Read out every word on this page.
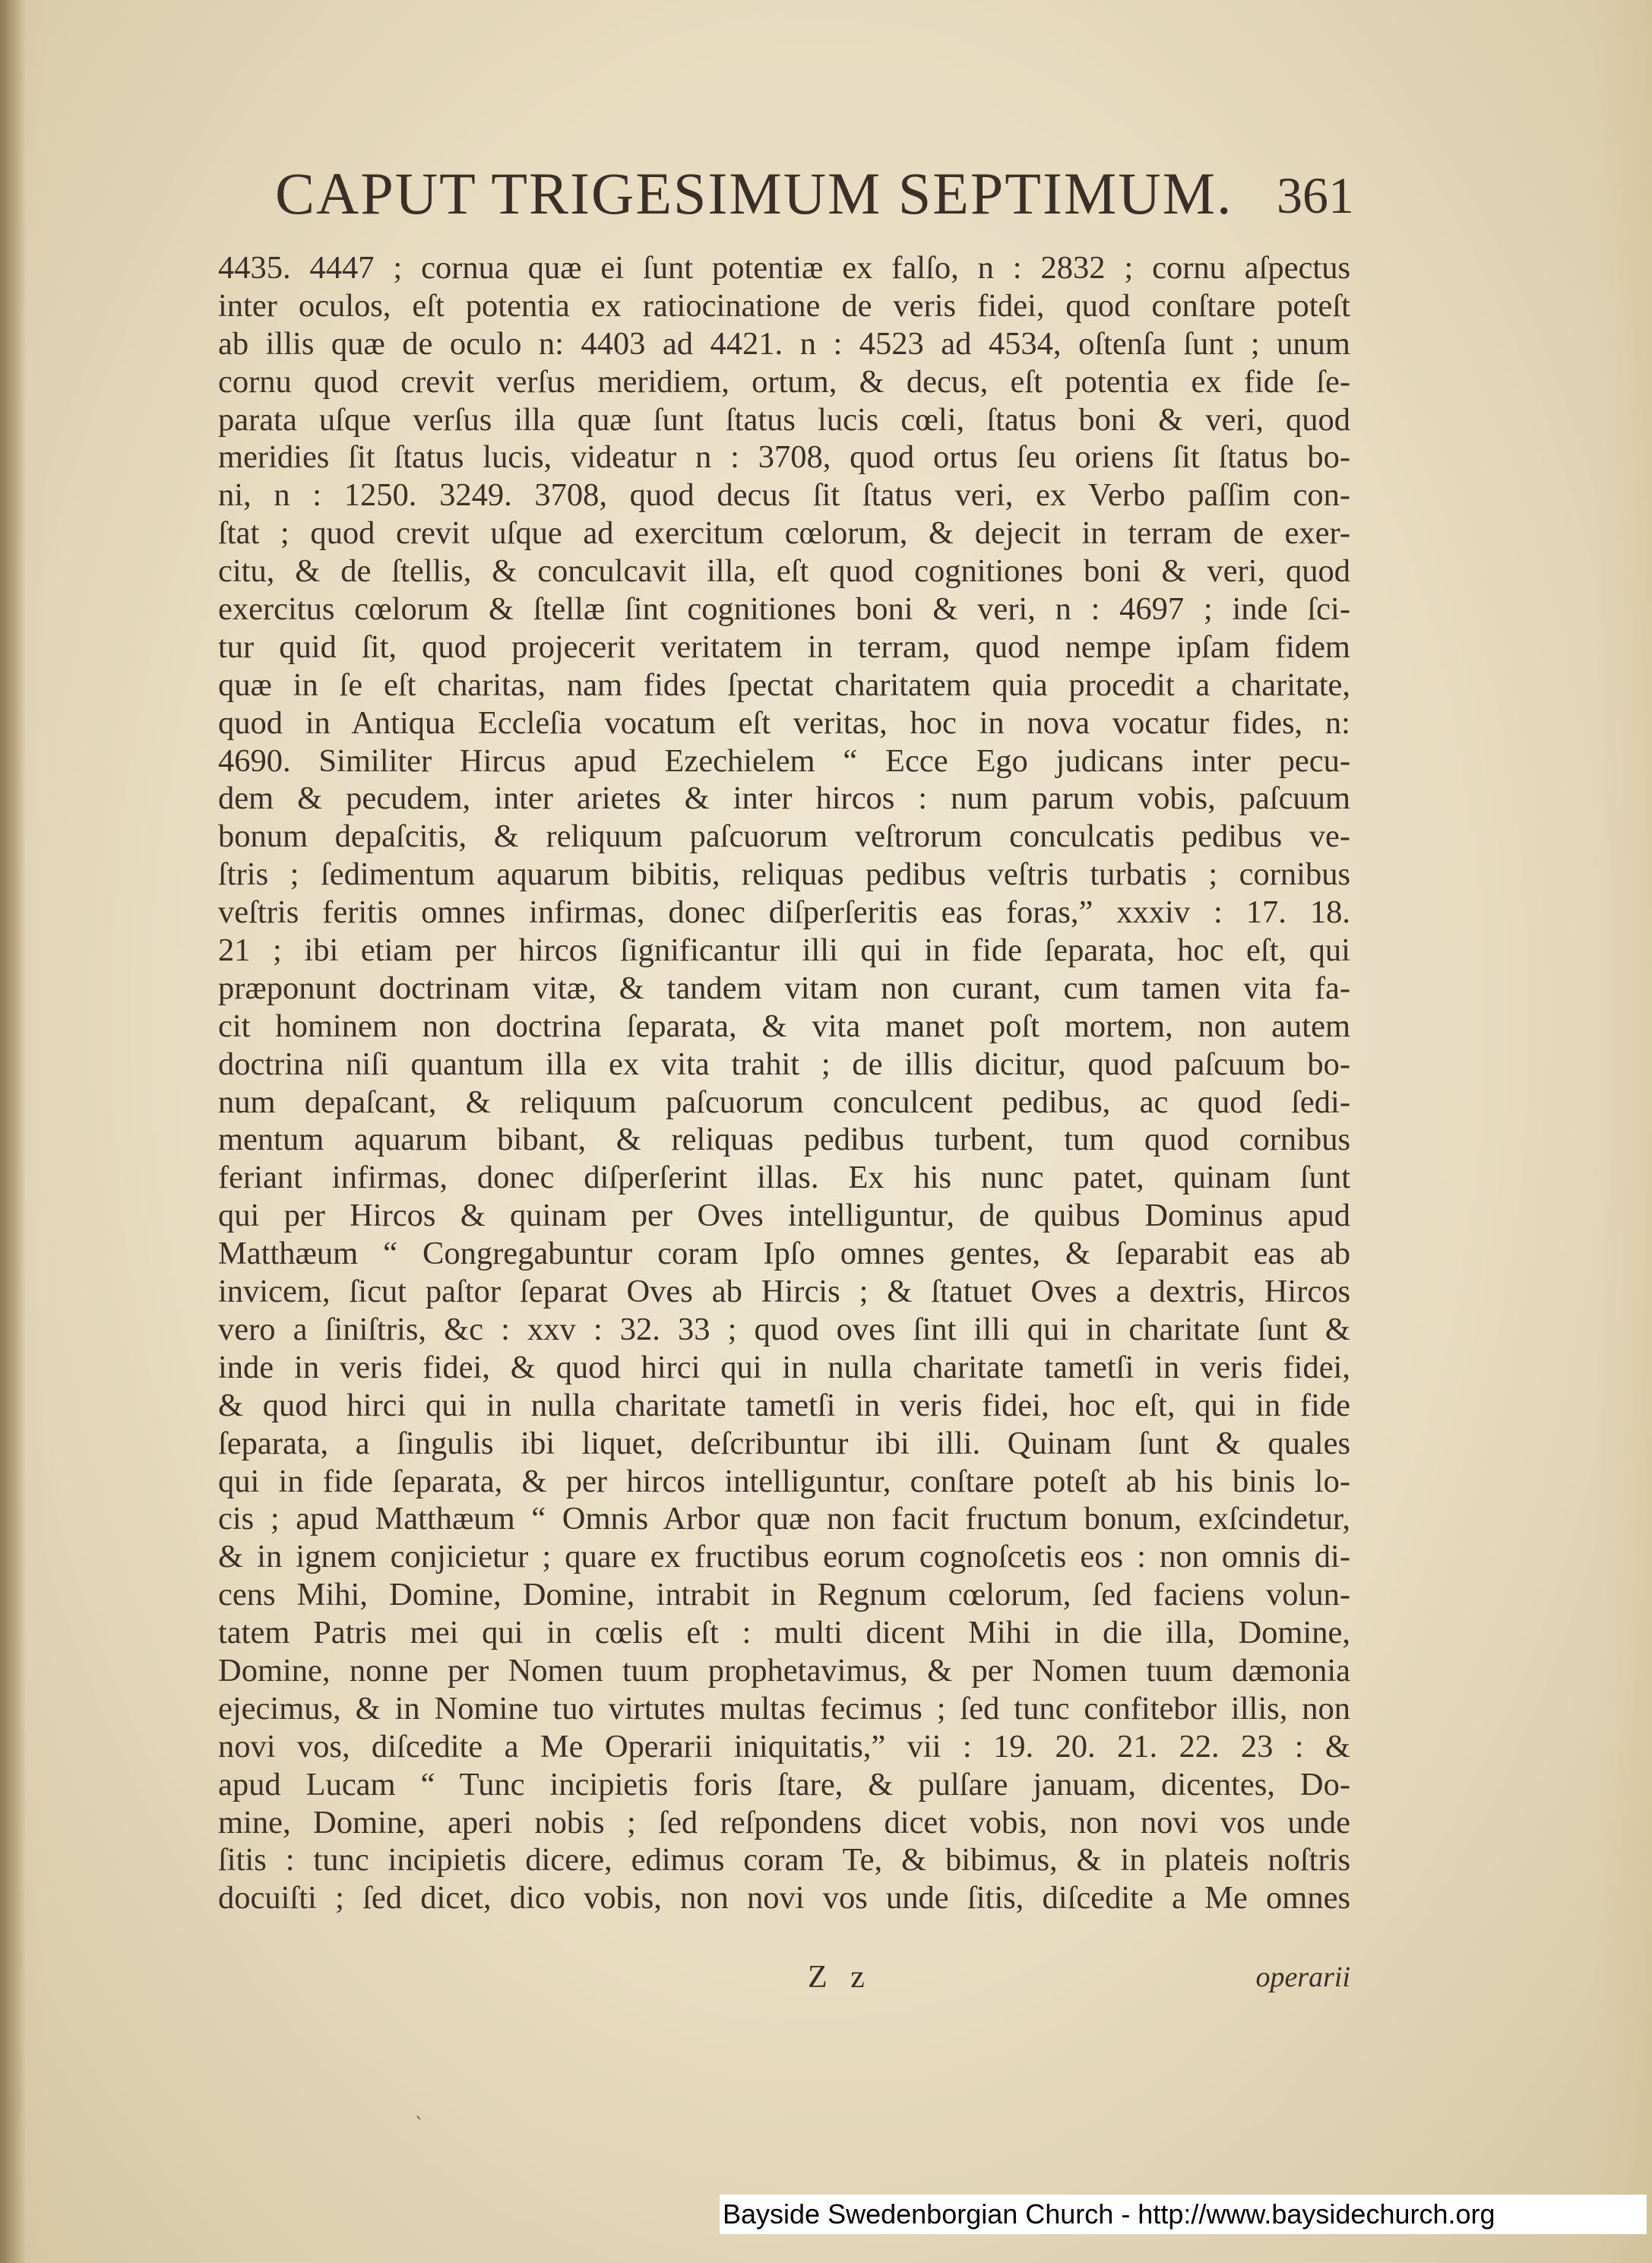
CAPUT TRIGESIMUM SEPTIMUM. 361
4435. 4447 ; cornua quæ ei ſunt potentiæ ex falſo, n : 2832 ; cornu aſpectus
inter oculos, eſt potentia ex ratiocinatione de veris fidei, quod conſtare poteſt
ab illis quæ de oculo n: 4403 ad 4421. n : 4523 ad 4534, oſtenſa ſunt ; unum
cornu quod crevit verſus meridiem, ortum, & decus, eſt potentia ex fide ſe-
parata uſque verſus illa quæ ſunt ſtatus lucis cœli, ſtatus boni & veri, quod
meridies ſit ſtatus lucis, videatur n : 3708, quod ortus ſeu oriens ſit ſtatus bo-
ni, n : 1250. 3249. 3708, quod decus ſit ſtatus veri, ex Verbo paſſim con-
ſtat ; quod crevit uſque ad exercitum cœlorum, & dejecit in terram de exer-
citu, & de ſtellis, & conculcavit illa, eſt quod cognitiones boni & veri, quod
exercitus cœlorum & ſtellæ ſint cognitiones boni & veri, n : 4697 ; inde ſci-
tur quid ſit, quod projecerit veritatem in terram, quod nempe ipſam fidem
quæ in ſe eſt charitas, nam fides ſpectat charitatem quia procedit a charitate,
quod in Antiqua Eccleſia vocatum eſt veritas, hoc in nova vocatur fides, n:
4690. Similiter Hircus apud Ezechielem “ Ecce Ego judicans inter pecu-
dem & pecudem, inter arietes & inter hircos : num parum vobis, paſcuum
bonum depaſcitis, & reliquum paſcuorum veſtrorum conculcatis pedibus ve-
ſtris ; ſedimentum aquarum bibitis, reliquas pedibus veſtris turbatis ; cornibus
veſtris feritis omnes infirmas, donec diſperſeritis eas foras,” xxxiv : 17. 18.
21 ; ibi etiam per hircos ſignificantur illi qui in fide ſeparata, hoc eſt, qui
præponunt doctrinam vitæ, & tandem vitam non curant, cum tamen vita fa-
cit hominem non doctrina ſeparata, & vita manet poſt mortem, non autem
doctrina niſi quantum illa ex vita trahit ; de illis dicitur, quod paſcuum bo-
num depaſcant, & reliquum paſcuorum conculcent pedibus, ac quod ſedi-
mentum aquarum bibant, & reliquas pedibus turbent, tum quod cornibus
feriant infirmas, donec diſperſerint illas. Ex his nunc patet, quinam ſunt
qui per Hircos & quinam per Oves intelliguntur, de quibus Dominus apud
Matthæum “ Congregabuntur coram Ipſo omnes gentes, & ſeparabit eas ab
invicem, ſicut paſtor ſeparat Oves ab Hircis ; & ſtatuet Oves a dextris, Hircos
vero a ſiniſtris, &c : xxv : 32. 33 ; quod oves ſint illi qui in charitate ſunt &
inde in veris fidei, & quod hirci qui in nulla charitate tametſi in veris fidei,
& quod hirci qui in nulla charitate tametſi in veris fidei, hoc eſt, qui in fide
ſeparata, a ſingulis ibi liquet, deſcribuntur ibi illi. Quinam ſunt & quales
qui in fide ſeparata, & per hircos intelliguntur, conſtare poteſt ab his binis lo-
cis ; apud Matthæum “ Omnis Arbor quæ non facit fructum bonum, exſcindetur,
& in ignem conjicietur ; quare ex fructibus eorum cognoſcetis eos : non omnis di-
cens Mihi, Domine, Domine, intrabit in Regnum cœlorum, ſed faciens volun-
tatem Patris mei qui in cœlis eſt : multi dicent Mihi in die illa, Domine,
Domine, nonne per Nomen tuum prophetavimus, & per Nomen tuum dæmonia
ejecimus, & in Nomine tuo virtutes multas fecimus ; ſed tunc confitebor illis, non
novi vos, diſcedite a Me Operarii iniquitatis,” vii : 19. 20. 21. 22. 23 : &
apud Lucam “ Tunc incipietis foris ſtare, & pulſare januam, dicentes, Do-
mine, Domine, aperi nobis ; ſed reſpondens dicet vobis, non novi vos unde
ſitis : tunc incipietis dicere, edimus coram Te, & bibimus, & in plateis noſtris
docuiſti ; ſed dicet, dico vobis, non novi vos unde ſitis, diſcedite a Me omnes
Z z	operarii
`
Bayside Swedenborgian Church - http://www.baysidechurch.org
